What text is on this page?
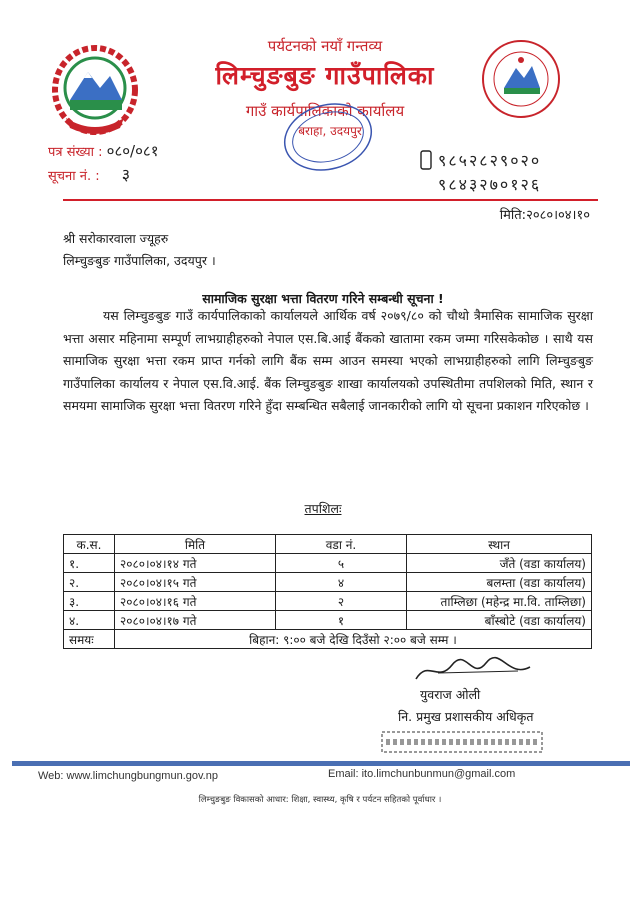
पर्यटनको नयाँ गन्तव्य
लिम्चुङबुङ गाउँपालिका
गाउँ कार्यपालिकाको कार्यालय
बराहा, उदयपुर
पत्र संख्या : ०८०/०८१
सूचना नं. : ३
९८५२८२९०२०
९८४३२७०१२६
मिति:२०८०।०४।१०
श्री सरोकारवाला ज्यूहरु
लिम्चुङबुङ गाउँपालिका, उदयपुर ।
सामाजिक सुरक्षा भत्ता वितरण गरिने सम्बन्धी सूचना !
यस लिम्चुङबुङ गाउँ कार्यपालिकाको कार्यालयले आर्थिक वर्ष २०७९/८० को चौथो त्रैमासिक सामाजिक सुरक्षा भत्ता असार महिनामा सम्पूर्ण लाभग्राहीहरुको नेपाल एस.बि.आई बैंकको खातामा रकम जम्मा गरिसकेकोछ । साथै यस सामाजिक सुरक्षा भत्ता रकम प्राप्त गर्नको लागि बैंक सम्म आउन समस्या भएको लाभग्राहीहरुको लागि लिम्चुङबुङ गाउँपालिका कार्यालय र नेपाल एस.वि.आई. बैंक लिम्चुङबुङ शाखा कार्यालयको उपस्थितीमा तपशिलको मिति, स्थान र समयमा सामाजिक सुरक्षा भत्ता वितरण गरिने हुँदा सम्बन्धित सबैलाई जानकारीको लागि यो सूचना प्रकाशन गरिएकोछ ।
तपशिलः
क.स.	मिति	वडा नं.	स्थान
१.	२०८०।०४।१४ गते	५	जँते (वडा कार्यालय)
२.	२०८०।०४।१५ गते	४	बलम्ता (वडा कार्यालय)
३.	२०८०।०४।१६ गते	२	ताम्लिछा (महेन्द्र मा.वि. ताम्लिछा)
४.	२०८०।०४।१७ गते	१	बाँस्बोटे (वडा कार्यालय)
समयः	बिहान: ९:०० बजे देखि दिउँसो २:०० बजे सम्म ।		
युवराज ओली
नि. प्रमुख प्रशासकीय अधिकृत
Web: www.limchungbungmun.gov.np	Email: ito.limchunbunmun@gmail.com
लिम्चुङबुङ विकासको आधार: शिक्षा, स्वास्थ्य, कृषि र पर्यटन सहितको पूर्वाधार ।
